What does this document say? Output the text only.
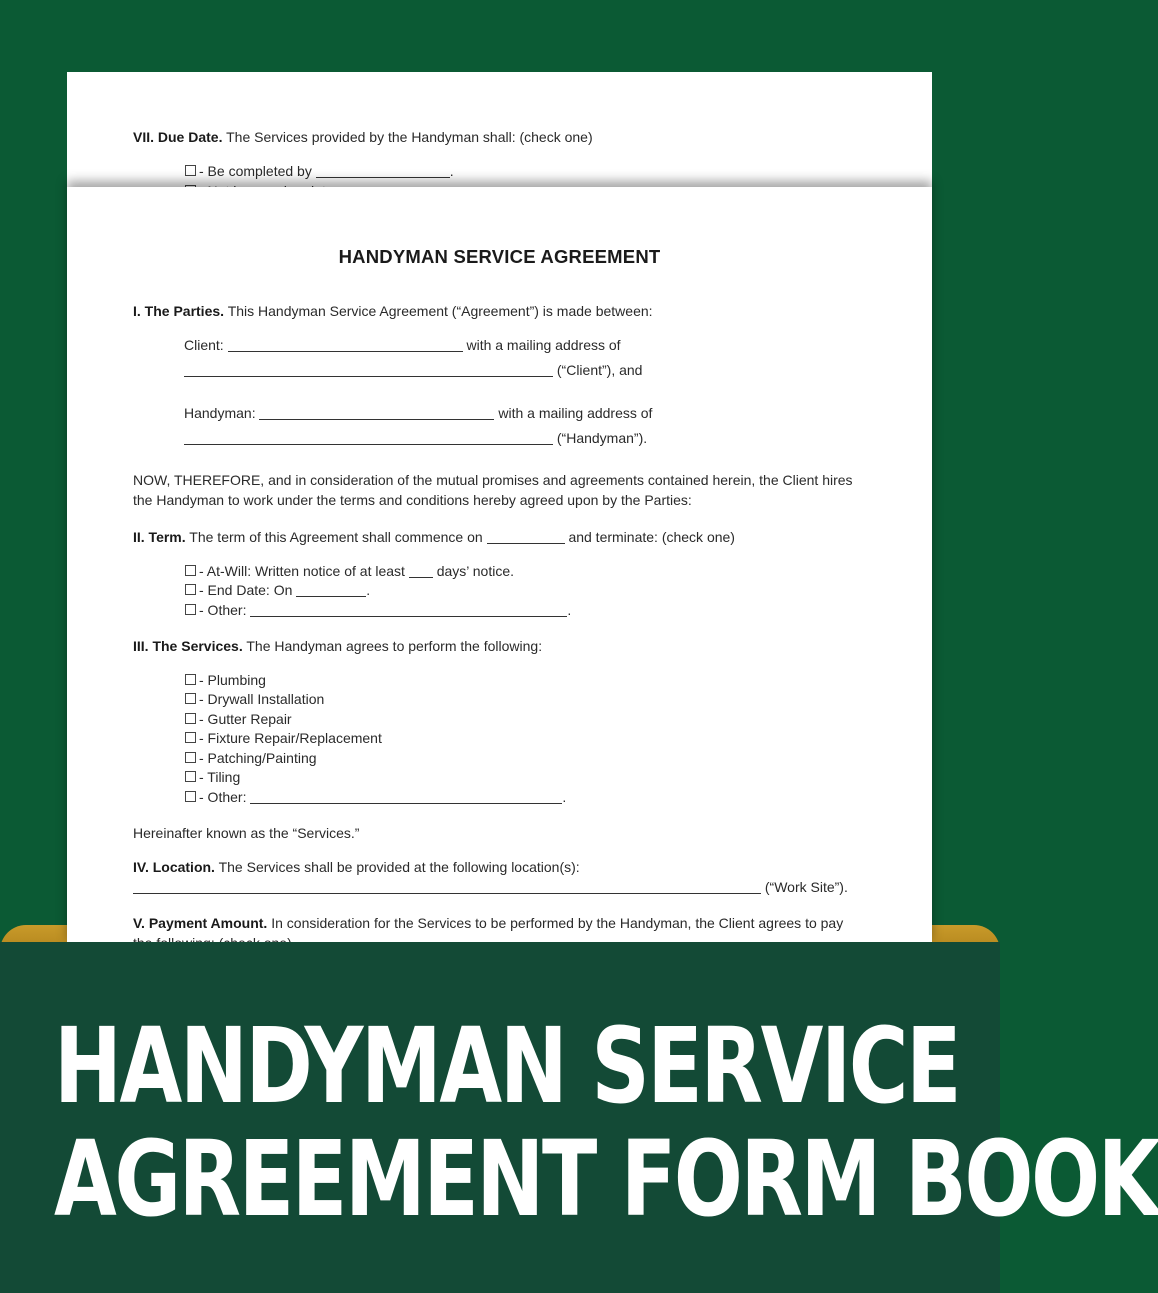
VII. Due Date. The Services provided by the Handyman shall: (check one)
- Be completed by	.
HANDYMAN SERVICE AGREEMENT
I. The Parties. This Handyman Service Agreement (“Agreement”) is made between:
Client:	with a mailing address of
(“Client”), and
Handyman:	with a mailing address of
(“Handyman”).
NOW, THEREFORE, and in consideration of the mutual promises and agreements contained herein, the Client hires the Handyman to work under the terms and conditions hereby agreed upon by the Parties:
II. Term. The term of this Agreement shall commence on	and terminate: (check one)
- At-Will: Written notice of at least days’ notice.
- End Date: On	.
- Other:	.
III. The Services. The Handyman agrees to perform the following:
- Plumbing
- Drywall Installation
- Gutter Repair
- Fixture Repair/Replacement
- Patching/Painting
- Tiling
- Other:	.
Hereinafter known as the “Services.”
IV. Location. The Services shall be provided at the following location(s):
(“Work Site”).
V. Payment Amount. In consideration for the Services to be performed by the Handyman, the Client agrees to pay
HANDYMAN SERVICE
AGREEMENT FORM BOOK
